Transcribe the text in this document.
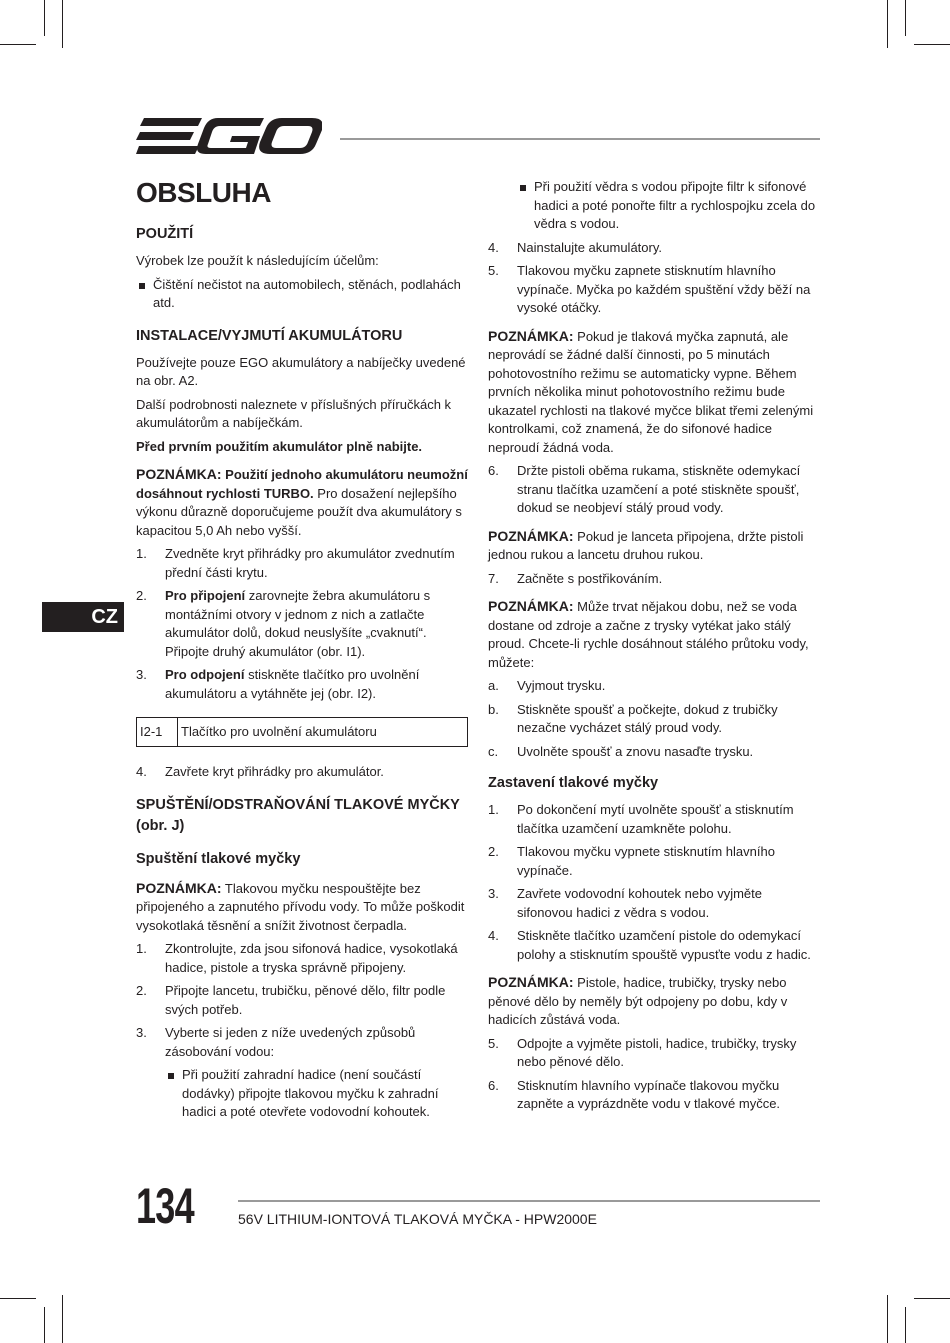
CZ
OBSLUHA
POUŽITÍ

Výrobek lze použít k následujícím účelům:

Čištění nečistot na automobilech, stěnách, podlahách atd.
INSTALACE/VYJMUTÍ AKUMULÁTORU

Používejte pouze EGO akumulátory a nabíječky uvedené na obr. A2.

Další podrobnosti naleznete v příslušných příručkách k akumulátorům a nabíječkám.

Před prvním použitím akumulátor plně nabijte.

POZNÁMKA: Použití jednoho akumulátoru neumožní dosáhnout rychlosti TURBO. Pro dosažení nejlepšího výkonu důrazně doporučujeme použít dva akumulátory s kapacitou 5,0 Ah nebo vyšší.

1. Zvedněte kryt přihrádky pro akumulátor zvednutím přední části krytu.
2. Pro připojení zarovnejte žebra akumulátoru s montážními otvory v jednom z nich a zatlačte akumulátor dolů, dokud neuslyšíte „cvaknutí“. Připojte druhý akumulátor (obr. I1).
3. Pro odpojení stiskněte tlačítko pro uvolnění akumulátoru a vytáhněte jej (obr. I2).
I2-1	Tlačítko pro uvolnění akumulátoru
4. Zavřete kryt přihrádky pro akumulátor.
SPUŠTĚNÍ/ODSTRAŇOVÁNÍ TLAKOVÉ MYČKY (obr. J)
Spuštění tlakové myčky

POZNÁMKA: Tlakovou myčku nespouštějte bez připojeného a zapnutého přívodu vody. To může poškodit vysokotlaká těsnění a snížit životnost čerpadla.

1. Zkontrolujte, zda jsou sifonová hadice, vysokotlaká hadice, pistole a tryska správně připojeny.
2. Připojte lancetu, trubičku, pěnové dělo, filtr podle svých potřeb.
3. Vyberte si jeden z níže uvedených způsobů zásobování vodou:
Při použití zahradní hadice (není součástí dodávky) připojte tlakovou myčku k zahradní hadici a poté otevřete vodovodní kohoutek.
Při použití vědra s vodou připojte filtr k sifonové hadici a poté ponořte filtr a rychlospojku zcela do vědra s vodou.
4. Nainstalujte akumulátory.
5. Tlakovou myčku zapnete stisknutím hlavního vypínače. Myčka po každém spuštění vždy běží na vysoké otáčky.

POZNÁMKA: Pokud je tlaková myčka zapnutá, ale neprovádí se žádné další činnosti, po 5 minutách pohotovostního režimu se automaticky vypne. Během prvních několika minut pohotovostního režimu bude ukazatel rychlosti na tlakové myčce blikat třemi zelenými kontrolkami, což znamená, že do sifonové hadice neproudí žádná voda.

6. Držte pistoli oběma rukama, stiskněte odemykací stranu tlačítka uzamčení a poté stiskněte spoušť, dokud se neobjeví stálý proud vody.

POZNÁMKA: Pokud je lanceta připojena, držte pistoli jednou rukou a lancetu druhou rukou.

7. Začněte s postřikováním.

POZNÁMKA: Může trvat nějakou dobu, než se voda dostane od zdroje a začne z trysky vytékat jako stálý proud. Chcete-li rychle dosáhnout stálého průtoku vody, můžete:

a. Vyjmout trysku.
b. Stiskněte spoušť a počkejte, dokud z trubičky nezačne vycházet stálý proud vody.
c. Uvolněte spoušť a znovu nasaďte trysku.
Zastavení tlakové myčky
1. Po dokončení mytí uvolněte spoušť a stisknutím tlačítka uzamčení uzamkněte polohu.
2. Tlakovou myčku vypnete stisknutím hlavního vypínače.
3. Zavřete vodovodní kohoutek nebo vyjměte sifonovou hadici z vědra s vodou.
4. Stiskněte tlačítko uzamčení pistole do odemykací polohy a stisknutím spouště vypusťte vodu z hadic.

POZNÁMKA: Pistole, hadice, trubičky, trysky nebo pěnové dělo by neměly být odpojeny po dobu, kdy v hadicích zůstává voda.

5. Odpojte a vyjměte pistoli, hadice, trubičky, trysky nebo pěnové dělo.
6. Stisknutím hlavního vypínače tlakovou myčku zapněte a vyprázdněte vodu v tlakové myčce.
134	56V LITHIUM-IONTOVÁ TLAKOVÁ MYČKA - HPW2000E
